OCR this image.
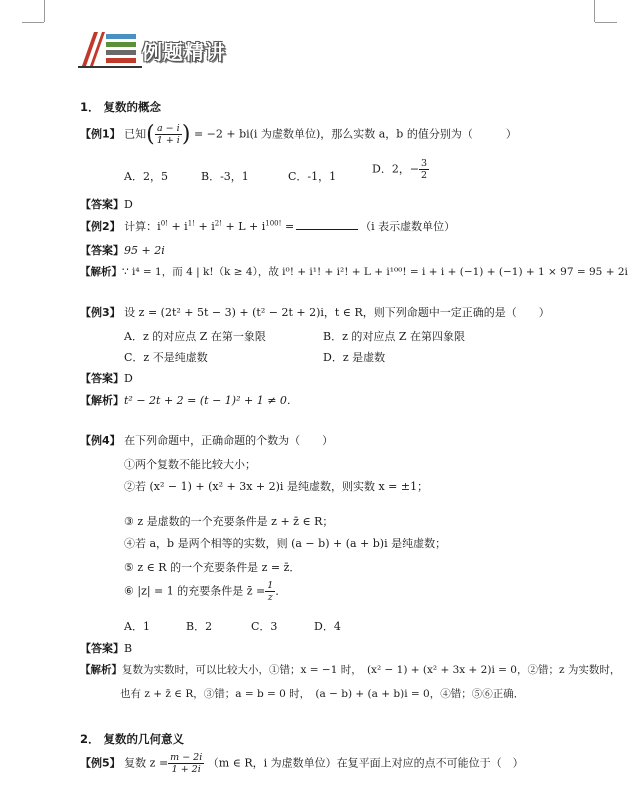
例题精讲
1． 复数的概念
【例1】 已知( $\frac{a - i}{1 + i}$ ) = −2 + bi(i 为虚数单位)，那么实数 a，b 的值分别为（　　　）
A．2，5	B．-3，1	C．-1，1
D．2，− $\frac{3}{2}$
【答案】D
【例2】 计算：$i^{0!} + i^{1!} + i^{2!} + L + i^{100!}$ =	（i 表示虚数单位）
【答案】95 + 2i
【解析】∵ i⁴ = 1，而 4 | k!（k ≥ 4），故 i⁰! + i¹! + i²! + L + i¹⁰⁰! = i + i + (−1) + (−1) + 1 × 97 = 95 + 2i
【例3】 设 z = (2t² + 5t − 3) + (t² − 2t + 2)i，t ∈ R，则下列命题中一定正确的是（　　）
A．z 的对应点 Z 在第一象限	B．z 的对应点 Z 在第四象限
C．z 不是纯虚数	D．z 是虚数
【答案】D
【解析】t² − 2t + 2 = (t − 1)² + 1 ≠ 0．
【例4】 在下列命题中，正确命题的个数为（　　）
①两个复数不能比较大小；
②若 (x² − 1) + (x² + 3x + 2)i 是纯虚数，则实数 x = ±1；
③ z 是虚数的一个充要条件是 z + z̄ ∈ R；
④若 a，b 是两个相等的实数，则 (a − b) + (a + b)i 是纯虚数；
⑤ z ∈ R 的一个充要条件是 z = z̄．
⑥ |z| = 1 的充要条件是 z̄ = $\frac{1}{z}$ ．
A．1	B．2	C．3	D．4
【答案】B
【解析】复数为实数时，可以比较大小，①错；x = −1 时，　(x² − 1) + (x² + 3x + 2)i = 0，②错；z 为实数时，
也有 z + z̄ ∈ R，③错；a = b = 0 时，　(a − b) + (a + b)i = 0，④错；⑤⑥正确．
2． 复数的几何意义
【例5】 复数 $z = \frac{m - 2i}{1 + 2i} (m$ ∈ R，i 为虚数单位）在复平面上对应的点不可能位于（　）
